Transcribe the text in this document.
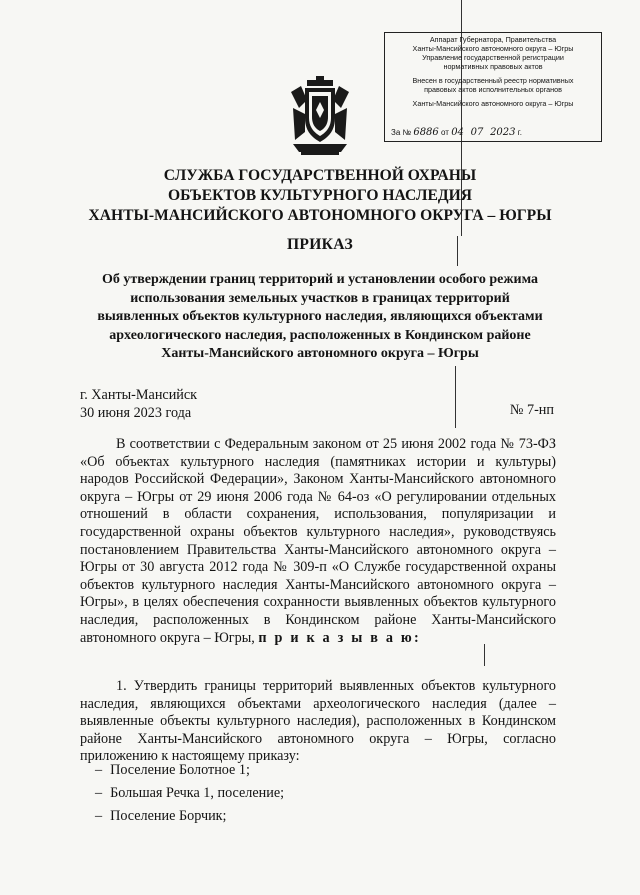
Аппарат Губернатора, Правительства

Ханты-Мансийского автономного округа – Югры

Управление государственной регистрации

нормативных правовых актов

Внесен в государственный реестр нормативных

правовых актов исполнительных органов

Ханты-Мансийского автономного округа – Югры

За № 6886 от 04 07 2023 г.
СЛУЖБА ГОСУДАРСТВЕННОЙ ОХРАНЫ
ОБЪЕКТОВ КУЛЬТУРНОГО НАСЛЕДИЯ
ХАНТЫ-МАНСИЙСКОГО АВТОНОМНОГО ОКРУГА – ЮГРЫ
ПРИКАЗ
Об утверждении границ территорий и установлении особого режима
использования земельных участков в границах территорий
выявленных объектов культурного наследия, являющихся объектами
археологического наследия, расположенных в Кондинском районе
Ханты-Мансийского автономного округа – Югры
г. Ханты-Мансийск
30 июня 2023 года	№ 7-нп

В соответствии с Федеральным законом от 25 июня 2002 года № 73-ФЗ «Об объектах культурного наследия (памятниках истории и культуры) народов Российской Федерации», Законом Ханты-Мансийского автономного округа – Югры от 29 июня 2006 года № 64-оз «О регулировании отдельных отношений в области сохранения, использования, популяризации и государственной охраны объектов культурного наследия», руководствуясь постановлением Правительства Ханты-Мансийского автономного округа – Югры от 30 августа 2012 года № 309-п «О Службе государственной охраны объектов культурного наследия Ханты-Мансийского автономного округа – Югры», в целях обеспечения сохранности выявленных объектов культурного наследия, расположенных в Кондинском районе Ханты-Мансийского автономного округа – Югры, п р и к а з ы в а ю:

1. Утвердить границы территорий выявленных объектов культурного наследия, являющихся объектами археологического наследия (далее – выявленные объекты культурного наследия), расположенных в Кондинском районе Ханты-Мансийского автономного округа – Югры, согласно приложению к настоящему приказу:

– Поселение Болотное 1;
– Большая Речка 1, поселение;
– Поселение Борчик;
